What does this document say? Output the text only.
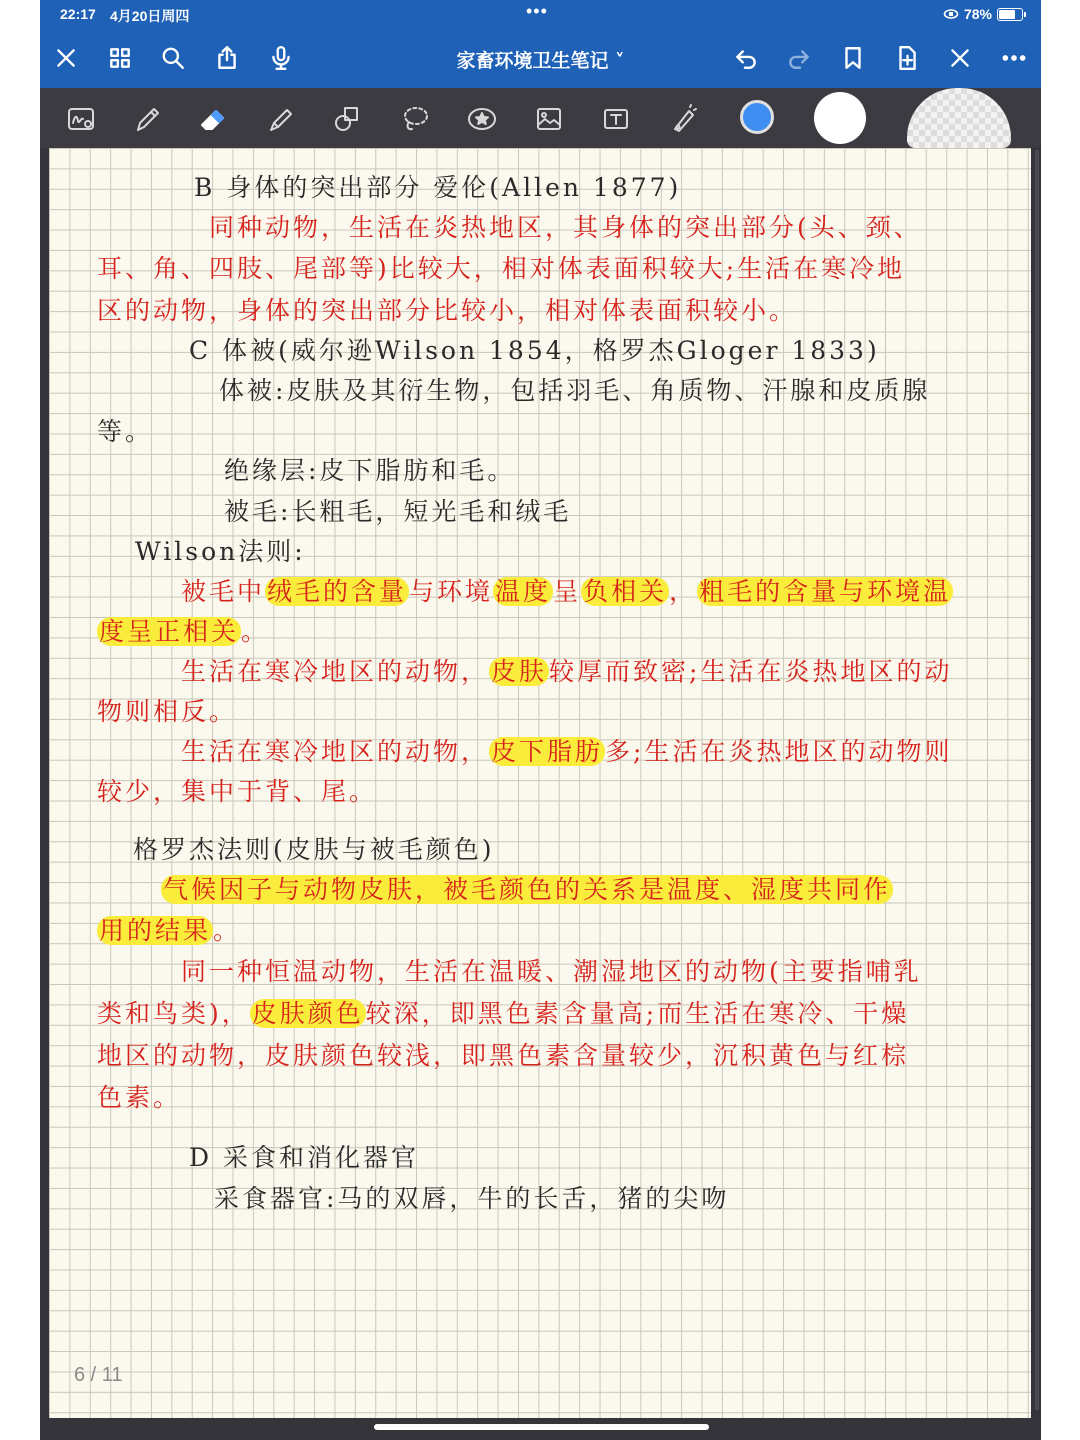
22:17 4月20日周四	•••	78%
家畜环境卫生笔记 ˅
B 身体的突出部分 爱伦(Allen 1877)
同种动物，生活在炎热地区，其身体的突出部分(头、颈、
耳、角、四肢、尾部等)比较大，相对体表面积较大;生活在寒冷地
区的动物，身体的突出部分比较小，相对体表面积较小。
C 体被(威尔逊Wilson 1854，格罗杰Gloger 1833)
体被:皮肤及其衍生物，包括羽毛、角质物、汗腺和皮质腺
等。
绝缘层:皮下脂肪和毛。
被毛:长粗毛，短光毛和绒毛
Wilson法则:
被毛中绒毛的含量与环境温度呈负相关，粗毛的含量与环境温
度呈正相关。
生活在寒冷地区的动物，皮肤较厚而致密;生活在炎热地区的动
物则相反。
生活在寒冷地区的动物，皮下脂肪多;生活在炎热地区的动物则
较少，集中于背、尾。
格罗杰法则(皮肤与被毛颜色)
气候因子与动物皮肤，被毛颜色的关系是温度、湿度共同作
用的结果。
同一种恒温动物，生活在温暖、潮湿地区的动物(主要指哺乳
类和鸟类)，皮肤颜色较深，即黑色素含量高;而生活在寒冷、干燥
地区的动物，皮肤颜色较浅，即黑色素含量较少，沉积黄色与红棕
色素。
D 采食和消化器官
采食器官:马的双唇，牛的长舌，猪的尖吻
6 / 11
